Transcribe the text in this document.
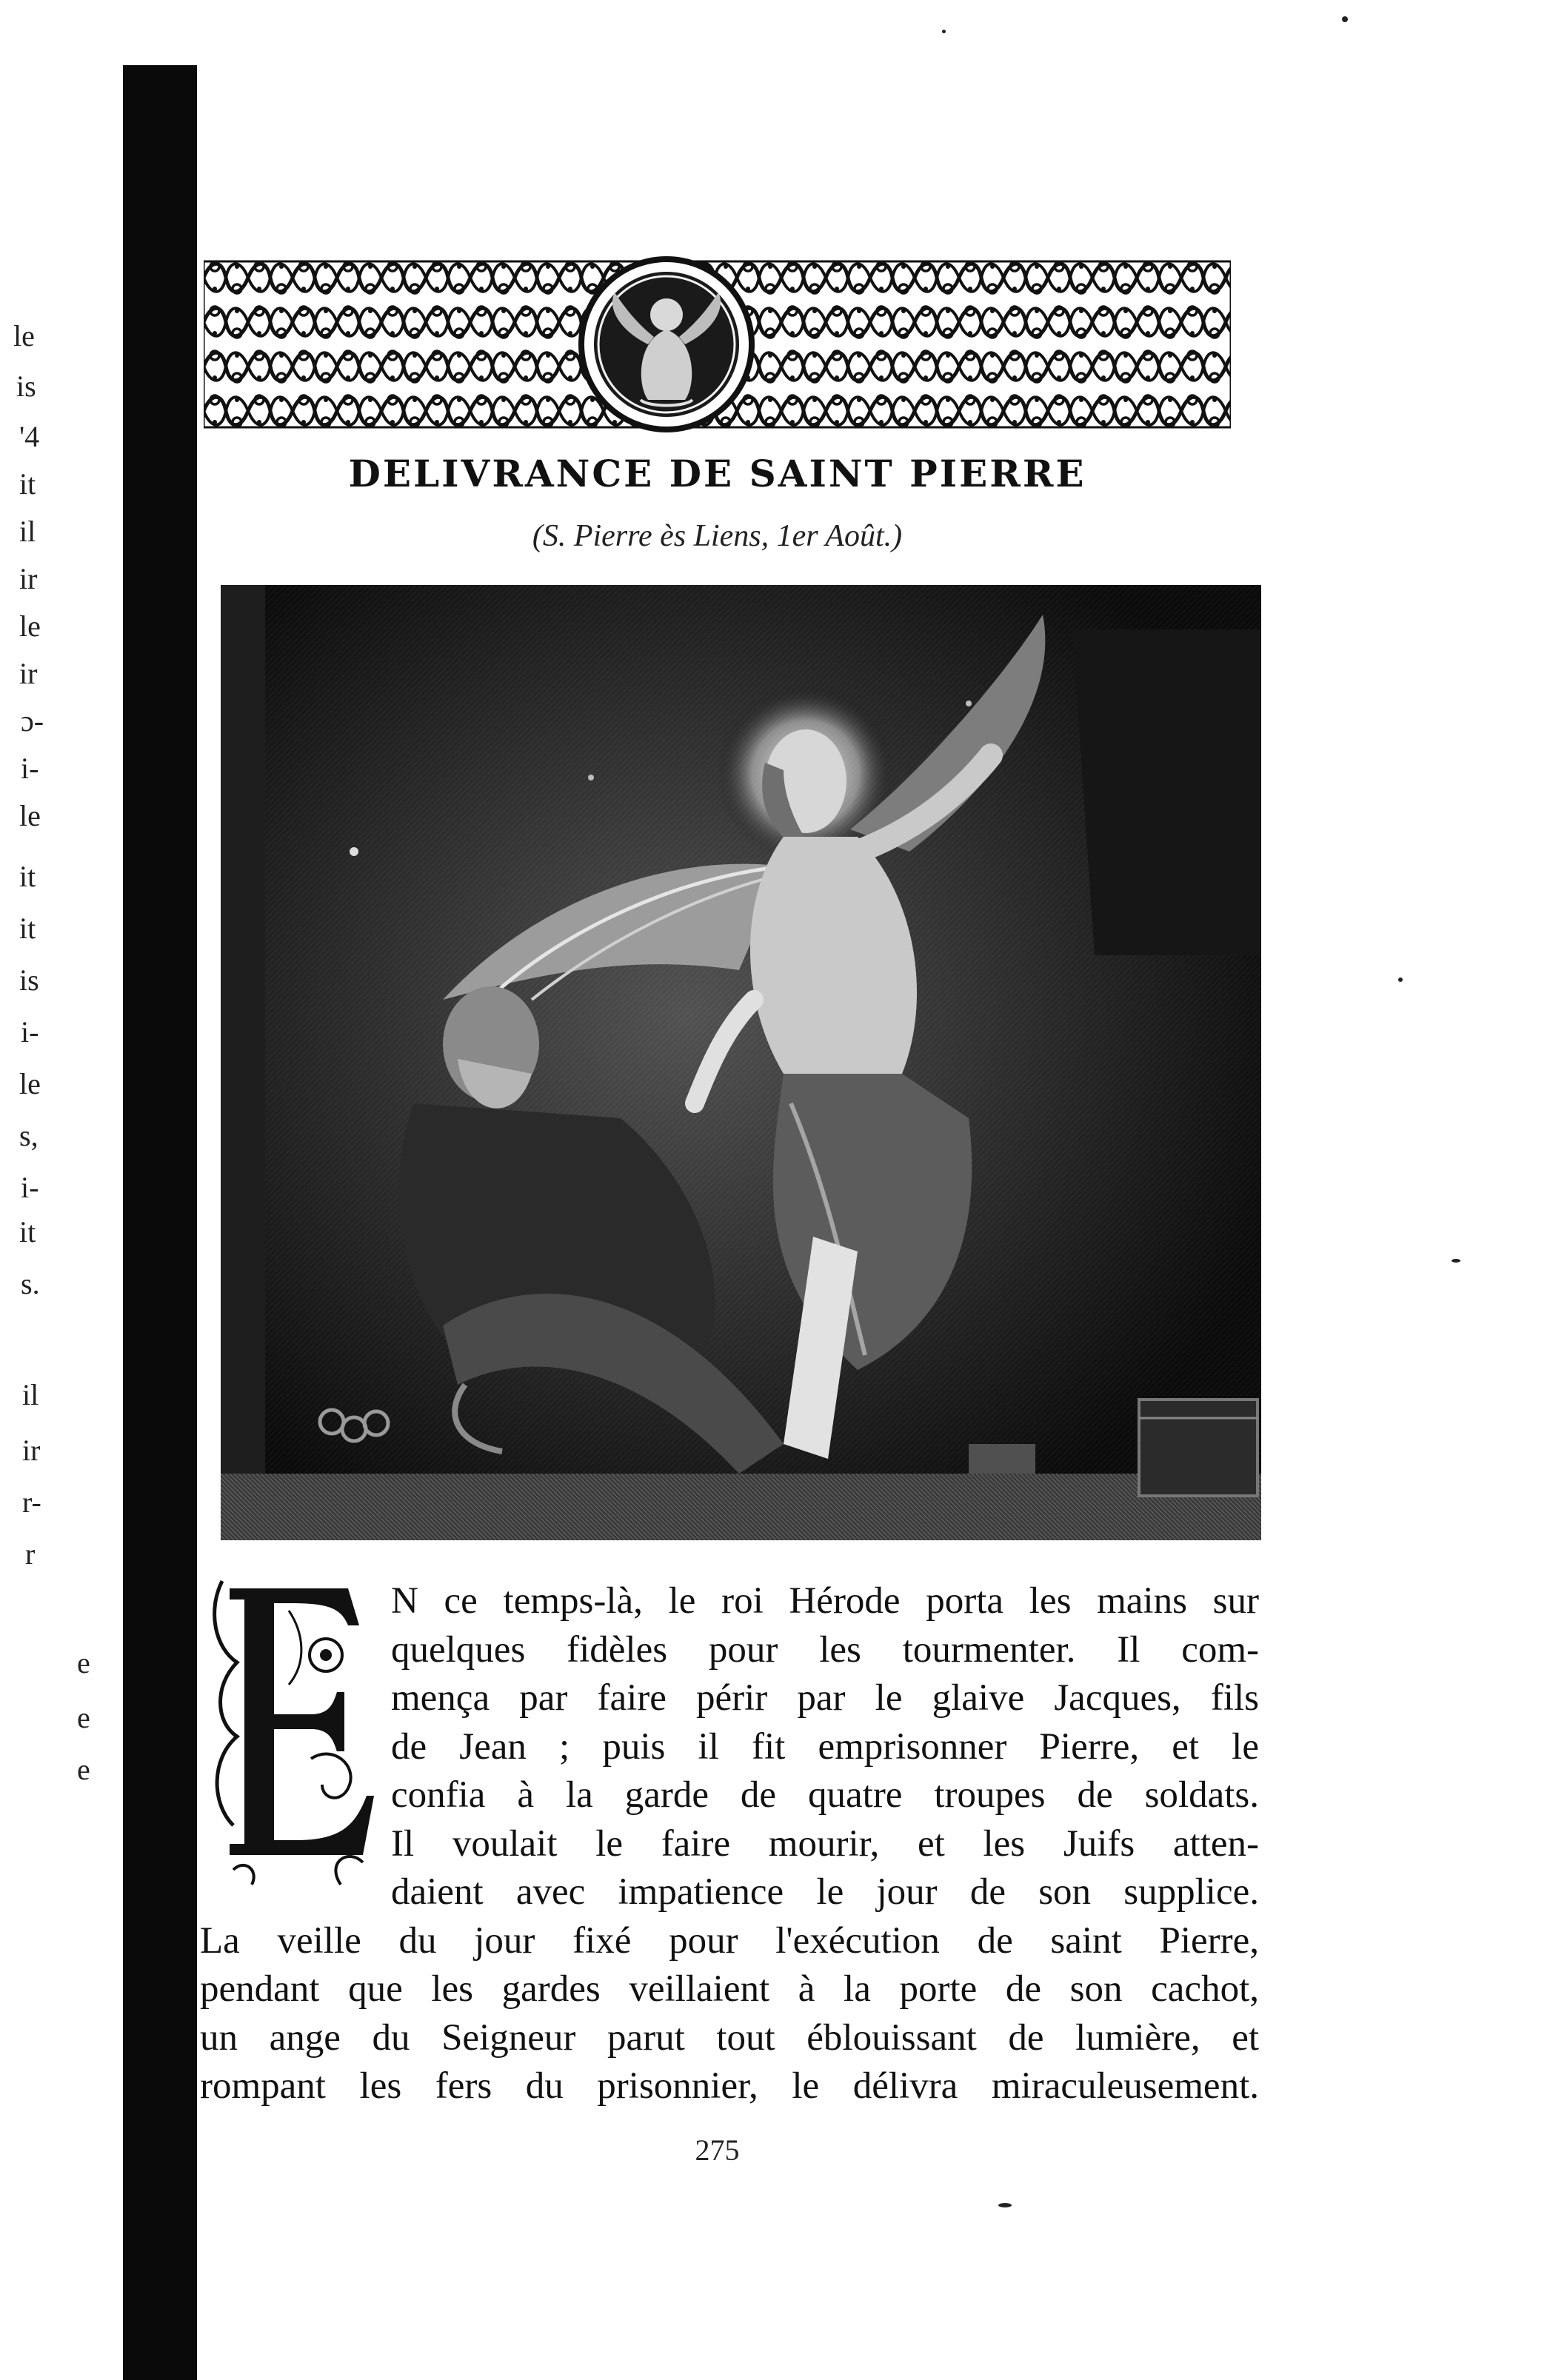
le
is
'4
it
il
ir
le
ir
ɔ-
i-
le
it
it
is
i-
le
s,
i-
it
s.
il
ir
r-
r
e
e
e
DELIVRANCE DE SAINT PIERRE
(S. Pierre ès Liens, 1er Août.)
N ce temps-là, le roi Hérode porta les mains sur
quelques fidèles pour les tourmenter. Il com-
mença par faire périr par le glaive Jacques, fils
de Jean ; puis il fit emprisonner Pierre, et le
confia à la garde de quatre troupes de soldats.
Il voulait le faire mourir, et les Juifs atten-
daient avec impatience le jour de son supplice.
La veille du jour fixé pour l'exécution de saint Pierre,
pendant que les gardes veillaient à la porte de son cachot,
un ange du Seigneur parut tout éblouissant de lumière, et
rompant les fers du prisonnier, le délivra miraculeusement.
275
